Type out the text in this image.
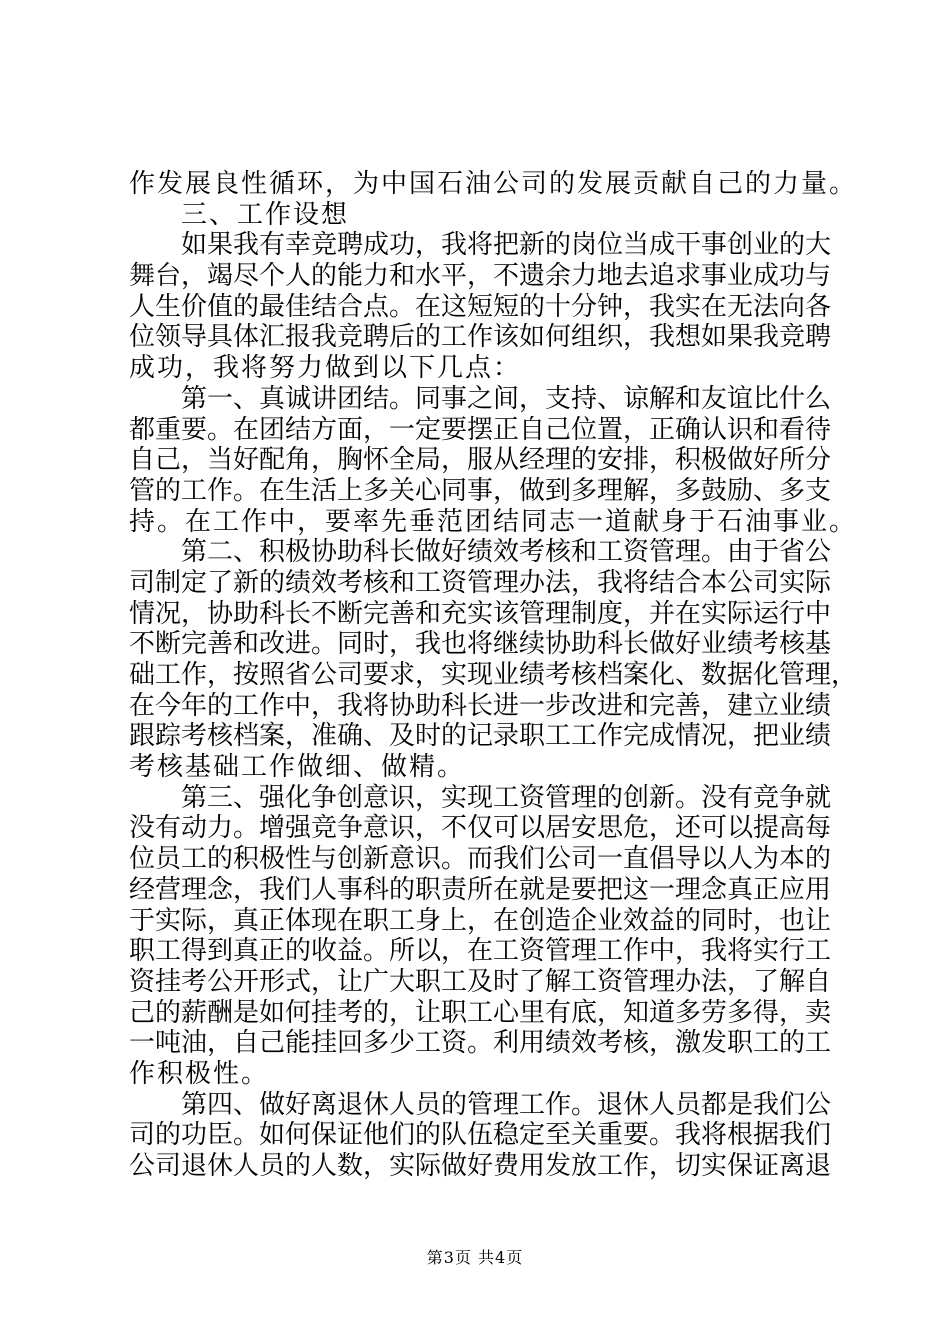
作发展良性循环，为中国石油公司的发展贡献自己的力量。
三、工作设想
如果我有幸竞聘成功，我将把新的岗位当成干事创业的大
舞台，竭尽个人的能力和水平，不遗余力地去追求事业成功与
人生价值的最佳结合点。在这短短的十分钟，我实在无法向各
位领导具体汇报我竞聘后的工作该如何组织，我想如果我竞聘
成功，我将努力做到以下几点：
第一、真诚讲团结。同事之间，支持、谅解和友谊比什么
都重要。在团结方面，一定要摆正自己位置，正确认识和看待
自己，当好配角，胸怀全局，服从经理的安排，积极做好所分
管的工作。在生活上多关心同事，做到多理解，多鼓励、多支
持。在工作中，要率先垂范团结同志一道献身于石油事业。
第二、积极协助科长做好绩效考核和工资管理。由于省公
司制定了新的绩效考核和工资管理办法，我将结合本公司实际
情况，协助科长不断完善和充实该管理制度，并在实际运行中
不断完善和改进。同时，我也将继续协助科长做好业绩考核基
础工作，按照省公司要求，实现业绩考核档案化、数据化管理，
在今年的工作中，我将协助科长进一步改进和完善，建立业绩
跟踪考核档案，准确、及时的记录职工工作完成情况，把业绩
考核基础工作做细、做精。
第三、强化争创意识，实现工资管理的创新。没有竞争就
没有动力。增强竞争意识，不仅可以居安思危，还可以提高每
位员工的积极性与创新意识。而我们公司一直倡导以人为本的
经营理念，我们人事科的职责所在就是要把这一理念真正应用
于实际，真正体现在职工身上，在创造企业效益的同时，也让
职工得到真正的收益。所以，在工资管理工作中，我将实行工
资挂考公开形式，让广大职工及时了解工资管理办法，了解自
己的薪酬是如何挂考的，让职工心里有底，知道多劳多得，卖
一吨油，自己能挂回多少工资。利用绩效考核，激发职工的工
作积极性。
第四、做好离退休人员的管理工作。退休人员都是我们公
司的功臣。如何保证他们的队伍稳定至关重要。我将根据我们
公司退休人员的人数，实际做好费用发放工作，切实保证离退
第3页 共4页
